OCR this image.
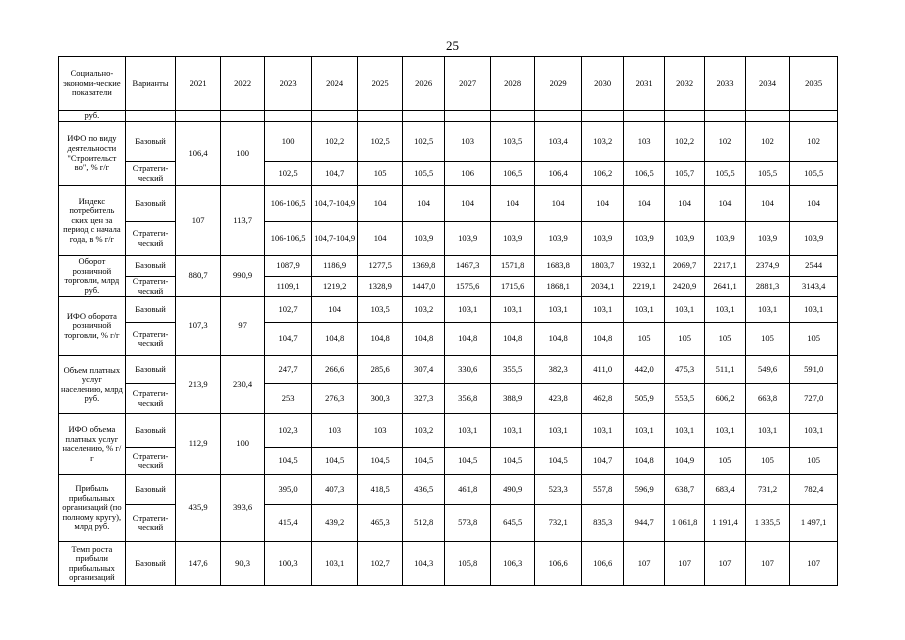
25
Социально-экономи-ческие показатели	Варианты	2021	2022	2023	2024	2025	2026	2027	2028	2029	2030	2031	2032	2033	2034	2035
руб.																
ИФО по виду деятельности "Строительст во", % г/г	Базовый	106,4	100	100	102,2	102,5	102,5	103	103,5	103,4	103,2	103	102,2	102	102	102
	Стратеги-ческий			102,5	104,7	105	105,5	106	106,5	106,4	106,2	106,5	105,7	105,5	105,5	105,5
Индекс потребитель ских цен за период с начала года, в % г/г	Базовый	107	113,7	106-106,5	104,7-104,9	104	104	104	104	104	104	104	104	104	104	104
	Стратеги-ческий			106-106,5	104,7-104,9	104	103,9	103,9	103,9	103,9	103,9	103,9	103,9	103,9	103,9	103,9
Оборот розничной торговли, млрд руб.	Базовый	880,7	990,9	1087,9	1186,9	1277,5	1369,8	1467,3	1571,8	1683,8	1803,7	1932,1	2069,7	2217,1	2374,9	2544
	Стратеги-ческий			1109,1	1219,2	1328,9	1447,0	1575,6	1715,6	1868,1	2034,1	2219,1	2420,9	2641,1	2881,3	3143,4
ИФО оборота розничной торговли, % г/г	Базовый	107,3	97	102,7	104	103,5	103,2	103,1	103,1	103,1	103,1	103,1	103,1	103,1	103,1	103,1
	Стратеги-ческий			104,7	104,8	104,8	104,8	104,8	104,8	104,8	104,8	105	105	105	105	105
Объем платных услуг населению, млрд руб.	Базовый	213,9	230,4	247,7	266,6	285,6	307,4	330,6	355,5	382,3	411,0	442,0	475,3	511,1	549,6	591,0
	Стратеги-ческий			253	276,3	300,3	327,3	356,8	388,9	423,8	462,8	505,9	553,5	606,2	663,8	727,0
ИФО объема платных услуг населению, % г/г	Базовый	112,9	100	102,3	103	103	103,2	103,1	103,1	103,1	103,1	103,1	103,1	103,1	103,1	103,1
	Стратеги-ческий			104,5	104,5	104,5	104,5	104,5	104,5	104,5	104,7	104,8	104,9	105	105	105
Прибыль прибыльных организаций (по полному кругу), млрд руб.	Базовый	435,9	393,6	395,0	407,3	418,5	436,5	461,8	490,9	523,3	557,8	596,9	638,7	683,4	731,2	782,4
	Стратеги-ческий			415,4	439,2	465,3	512,8	573,8	645,5	732,1	835,3	944,7	1 061,8	1 191,4	1 335,5	1 497,1
Темп роста прибыли прибыльных организаций	Базовый	147,6	90,3	100,3	103,1	102,7	104,3	105,8	106,3	106,6	106,6	107	107	107	107	107
